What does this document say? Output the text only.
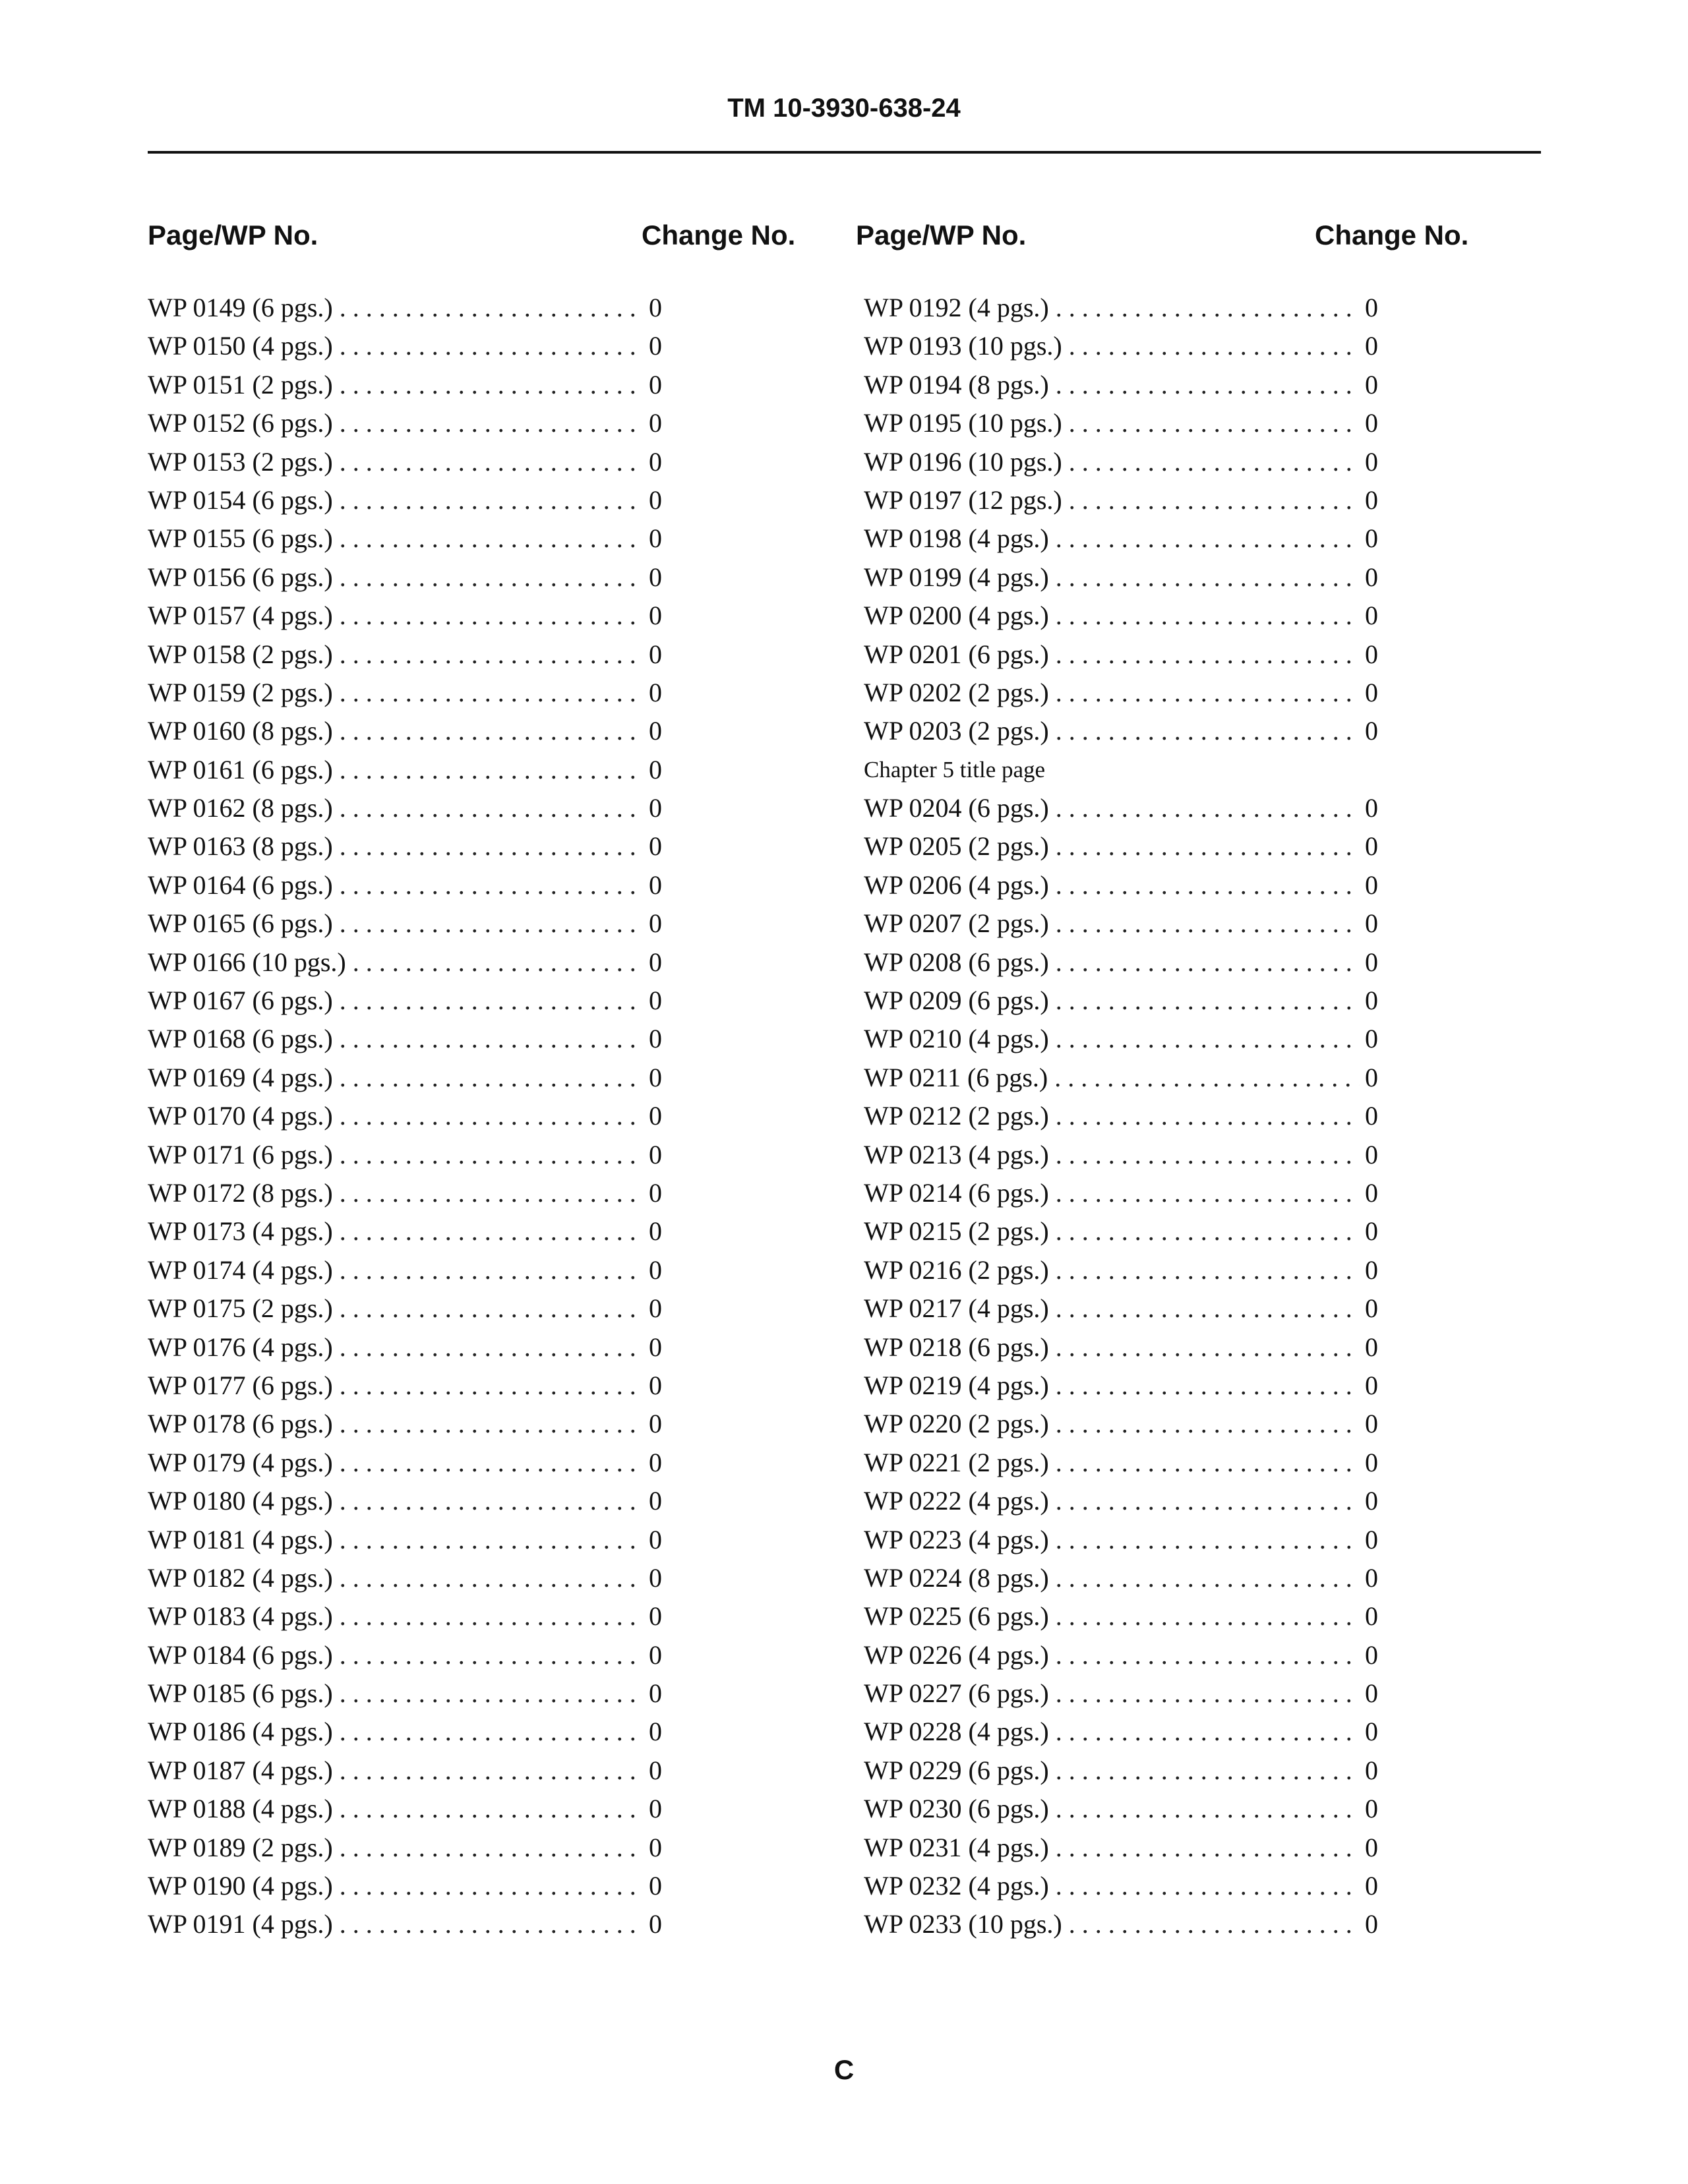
TM 10-3930-638-24
Page/WP No.	Change No. Page/WP No.	Change No.
WP 0149 (6 pgs.) . . .	0
WP 0150 (4 pgs.) . . .	0
WP 0151 (2 pgs.) . . .	0
WP 0152 (6 pgs.) . . .	0
WP 0153 (2 pgs.) . . .	0
WP 0154 (6 pgs.) . . .	0
WP 0155 (6 pgs.) . . .	0
WP 0156 (6 pgs.) . . .	0
WP 0157 (4 pgs.) . . .	0
WP 0158 (2 pgs.) . . .	0
WP 0159 (2 pgs.) . . .	0
WP 0160 (8 pgs.) . . .	0
WP 0161 (6 pgs.) . . .	0
WP 0162 (8 pgs.) . . .	0
WP 0163 (8 pgs.) . . .	0
WP 0164 (6 pgs.) . . .	0
WP 0165 (6 pgs.) . . .	0
WP 0166 (10 pgs.) . . .	0
WP 0167 (6 pgs.) . . .	0
WP 0168 (6 pgs.) . . .	0
WP 0169 (4 pgs.) . . .	0
WP 0170 (4 pgs.) . . .	0
WP 0171 (6 pgs.) . . .	0
WP 0172 (8 pgs.) . . .	0
WP 0173 (4 pgs.) . . .	0
WP 0174 (4 pgs.) . . .	0
WP 0175 (2 pgs.) . . .	0
WP 0176 (4 pgs.) . . .	0
WP 0177 (6 pgs.) . . .	0
WP 0178 (6 pgs.) . . .	0
WP 0179 (4 pgs.) . . .	0
WP 0180 (4 pgs.) . . .	0
WP 0181 (4 pgs.) . . .	0
WP 0182 (4 pgs.) . . .	0
WP 0183 (4 pgs.) . . .	0
WP 0184 (6 pgs.) . . .	0
WP 0185 (6 pgs.) . . .	0
WP 0186 (4 pgs.) . . .	0
WP 0187 (4 pgs.) . . .	0
WP 0188 (4 pgs.) . . .	0
WP 0189 (2 pgs.) . . .	0
WP 0190 (4 pgs.) . . .	0
WP 0191 (4 pgs.) . . .	0
WP 0192 (4 pgs.) . . .	0
WP 0193 (10 pgs.) . . .	0
WP 0194 (8 pgs.) . . .	0
WP 0195 (10 pgs.) . . .	0
WP 0196 (10 pgs.) . . .	0
WP 0197 (12 pgs.) . . .	0
WP 0198 (4 pgs.) . . .	0
WP 0199 (4 pgs.) . . .	0
WP 0200 (4 pgs.) . . .	0
WP 0201 (6 pgs.) . . .	0
WP 0202 (2 pgs.) . . .	0
WP 0203 (2 pgs.) . . .	0
Chapter 5 title page
WP 0204 (6 pgs.) . . .	0
WP 0205 (2 pgs.) . . .	0
WP 0206 (4 pgs.) . . .	0
WP 0207 (2 pgs.) . . .	0
WP 0208 (6 pgs.) . . .	0
WP 0209 (6 pgs.) . . .	0
WP 0210 (4 pgs.) . . .	0
WP 0211 (6 pgs.) . . .	0
WP 0212 (2 pgs.) . . .	0
WP 0213 (4 pgs.) . . .	0
WP 0214 (6 pgs.) . . .	0
WP 0215 (2 pgs.) . . .	0
WP 0216 (2 pgs.) . . .	0
WP 0217 (4 pgs.) . . .	0
WP 0218 (6 pgs.) . . .	0
WP 0219 (4 pgs.) . . .	0
WP 0220 (2 pgs.) . . .	0
WP 0221 (2 pgs.) . . .	0
WP 0222 (4 pgs.) . . .	0
WP 0223 (4 pgs.) . . .	0
WP 0224 (8 pgs.) . . .	0
WP 0225 (6 pgs.) . . .	0
WP 0226 (4 pgs.) . . .	0
WP 0227 (6 pgs.) . . .	0
WP 0228 (4 pgs.) . . .	0
WP 0229 (6 pgs.) . . .	0
WP 0230 (6 pgs.) . . .	0
WP 0231 (4 pgs.) . . .	0
WP 0232 (4 pgs.) . . .	0
WP 0233 (10 pgs.) . . .	0
C
